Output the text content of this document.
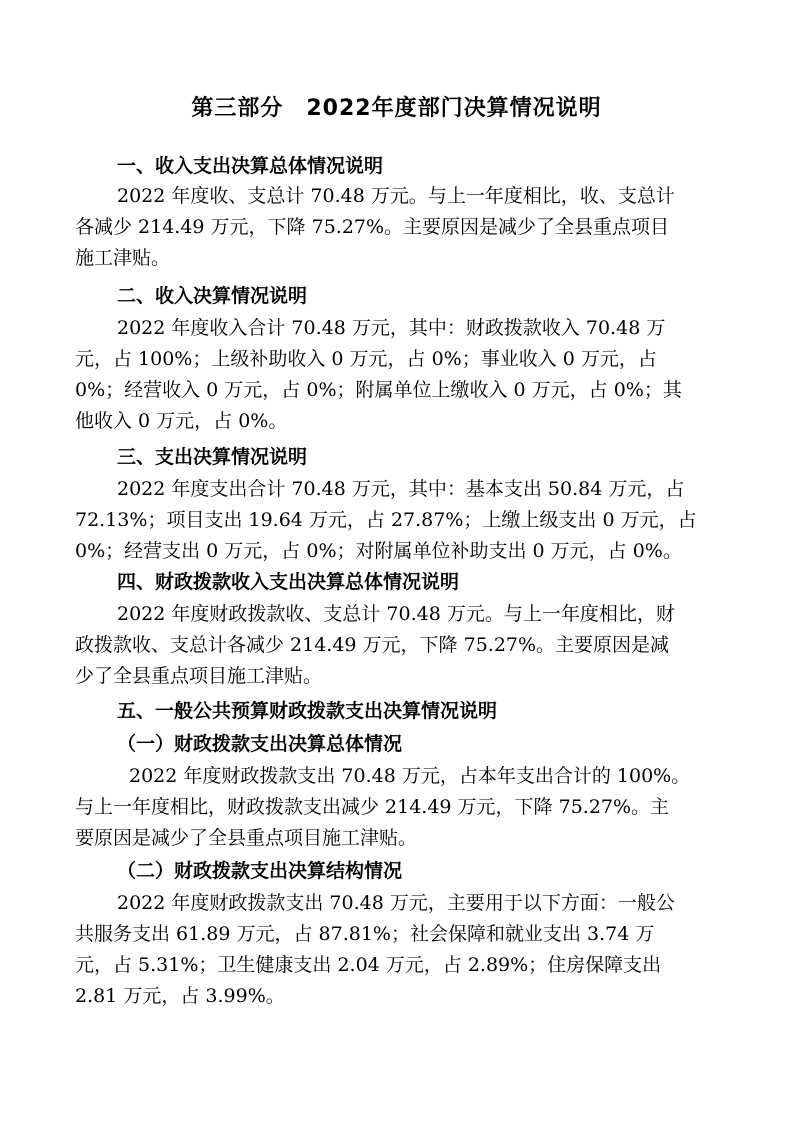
第三部分　2022年度部门决算情况说明
一、收入支出决算总体情况说明
2022 年度收、支总计 70.48 万元。与上一年度相比，收、支总计
各减少 214.49 万元，下降 75.27%。主要原因是减少了全县重点项目
施工津贴。
二、收入决算情况说明
2022 年度收入合计 70.48 万元，其中：财政拨款收入 70.48 万
元，占 100%；上级补助收入 0 万元，占 0%；事业收入 0 万元，占
0%；经营收入 0 万元，占 0%；附属单位上缴收入 0 万元，占 0%；其
他收入 0 万元，占 0%。
三、支出决算情况说明
2022 年度支出合计 70.48 万元，其中：基本支出 50.84 万元，占
72.13%；项目支出 19.64 万元，占 27.87%；上缴上级支出 0 万元，占
0%；经营支出 0 万元，占 0%；对附属单位补助支出 0 万元，占 0%。
四、财政拨款收入支出决算总体情况说明
2022 年度财政拨款收、支总计 70.48 万元。与上一年度相比，财
政拨款收、支总计各减少 214.49 万元，下降 75.27%。主要原因是减
少了全县重点项目施工津贴。
五、一般公共预算财政拨款支出决算情况说明
（一）财政拨款支出决算总体情况
2022 年度财政拨款支出 70.48 万元，占本年支出合计的 100%。
与上一年度相比，财政拨款支出减少 214.49 万元，下降 75.27%。主
要原因是减少了全县重点项目施工津贴。
（二）财政拨款支出决算结构情况
2022 年度财政拨款支出 70.48 万元，主要用于以下方面：一般公
共服务支出 61.89 万元，占 87.81%；社会保障和就业支出 3.74 万
元，占 5.31%；卫生健康支出 2.04 万元，占 2.89%；住房保障支出
2.81 万元，占 3.99%。
